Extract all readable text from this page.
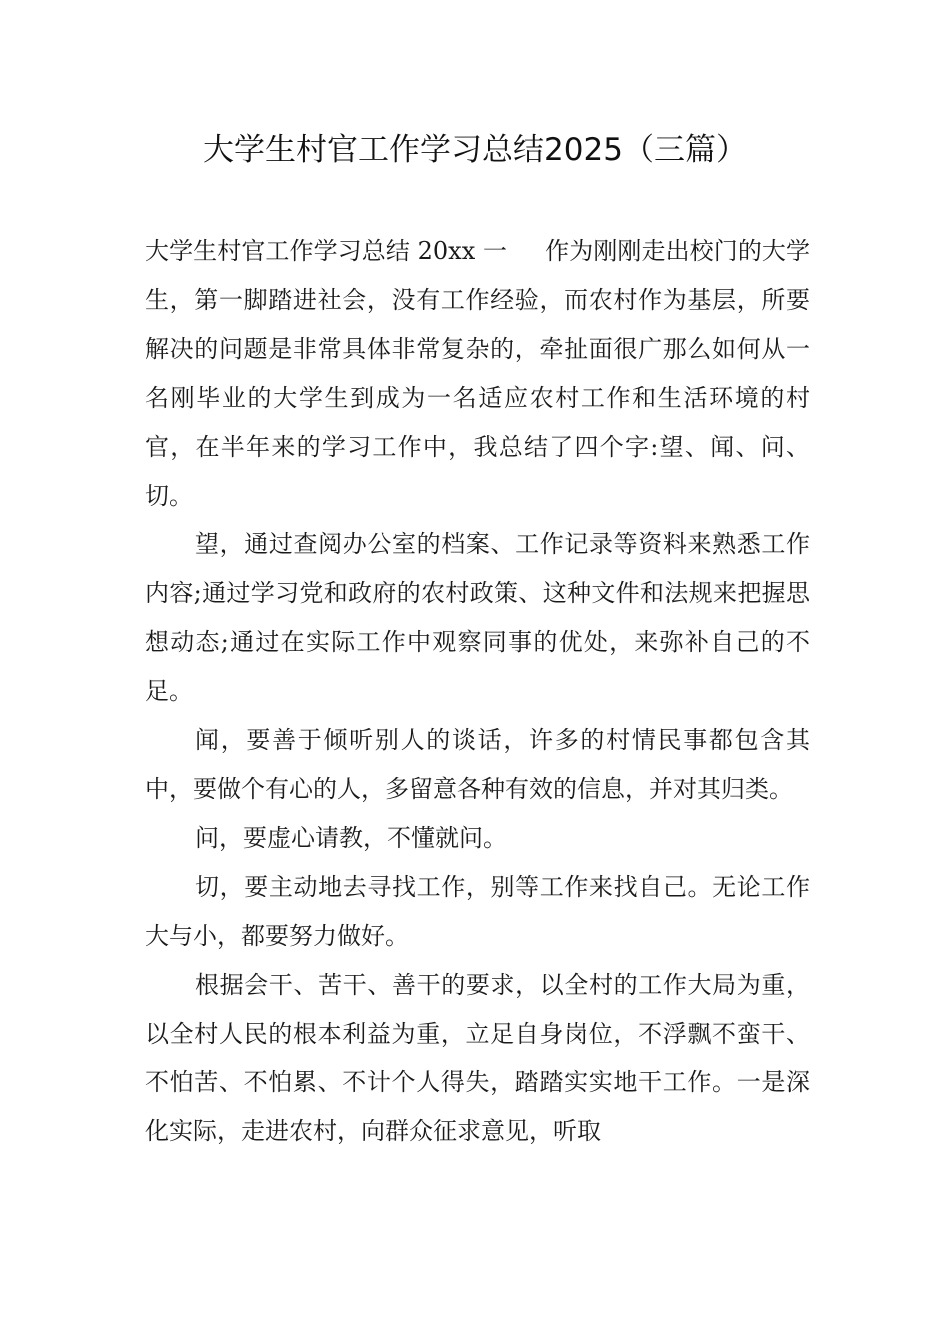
大学生村官工作学习总结2025（三篇）

大学生村官工作学习总结 20xx 一 作为刚刚走出校门的大学生，第一脚踏进社会，没有工作经验，而农村作为基层，所要解决的问题是非常具体非常复杂的，牵扯面很广那么如何从一名刚毕业的大学生到成为一名适应农村工作和生活环境的村官，在半年来的学习工作中，我总结了四个字:望、闻、问、切。

望，通过查阅办公室的档案、工作记录等资料来熟悉工作内容;通过学习党和政府的农村政策、这种文件和法规来把握思想动态;通过在实际工作中观察同事的优处，来弥补自己的不足。

闻，要善于倾听别人的谈话，许多的村情民事都包含其中，要做个有心的人，多留意各种有效的信息，并对其归类。

问，要虚心请教，不懂就问。

切，要主动地去寻找工作，别等工作来找自己。无论工作大与小，都要努力做好。

根据会干、苦干、善干的要求，以全村的工作大局为重，以全村人民的根本利益为重，立足自身岗位，不浮飘不蛮干、不怕苦、不怕累、不计个人得失，踏踏实实地干工作。一是深化实际，走进农村，向群众征求意见，听取
